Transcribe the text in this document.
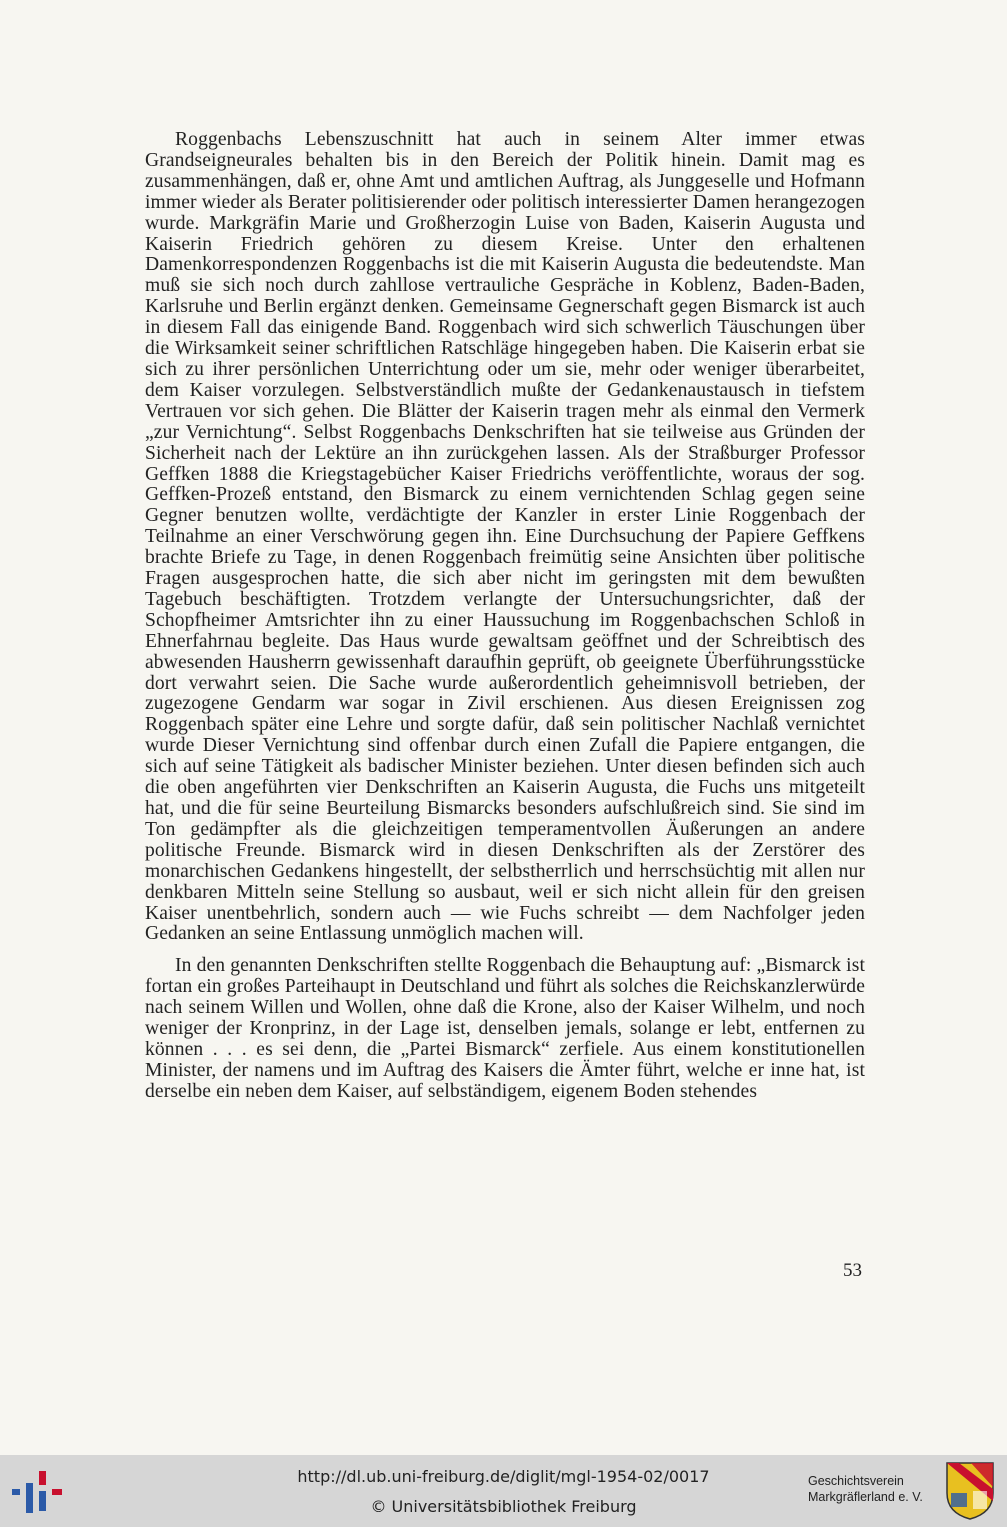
Roggenbachs Lebenszuschnitt hat auch in seinem Alter immer etwas Grandseigneurales behalten bis in den Bereich der Politik hinein. Damit mag es zusammenhängen, daß er, ohne Amt und amtlichen Auftrag, als Junggeselle und Hofmann immer wieder als Berater politisierender oder politisch interessierter Damen herangezogen wurde. Markgräfin Marie und Großherzogin Luise von Baden, Kaiserin Augusta und Kaiserin Friedrich gehören zu diesem Kreise. Unter den erhaltenen Damenkorrespondenzen Roggenbachs ist die mit Kaiserin Augusta die bedeutendste. Man muß sie sich noch durch zahllose vertrauliche Gespräche in Koblenz, Baden-Baden, Karlsruhe und Berlin ergänzt denken. Gemeinsame Gegnerschaft gegen Bismarck ist auch in diesem Fall das einigende Band. Roggenbach wird sich schwerlich Täuschungen über die Wirksamkeit seiner schriftlichen Ratschläge hingegeben haben. Die Kaiserin erbat sie sich zu ihrer persönlichen Unterrichtung oder um sie, mehr oder weniger überarbeitet, dem Kaiser vorzulegen. Selbstverständlich mußte der Gedankenaustausch in tiefstem Vertrauen vor sich gehen. Die Blätter der Kaiserin tragen mehr als einmal den Vermerk „zur Vernichtung“. Selbst Roggenbachs Denkschriften hat sie teilweise aus Gründen der Sicherheit nach der Lektüre an ihn zurückgehen lassen. Als der Straßburger Professor Geffken 1888 die Kriegstagebücher Kaiser Friedrichs veröffentlichte, woraus der sog. Geffken-Prozeß entstand, den Bismarck zu einem vernichtenden Schlag gegen seine Gegner benutzen wollte, verdächtigte der Kanzler in erster Linie Roggenbach der Teilnahme an einer Verschwörung gegen ihn. Eine Durchsuchung der Papiere Geffkens brachte Briefe zu Tage, in denen Roggenbach freimütig seine Ansichten über politische Fragen ausgesprochen hatte, die sich aber nicht im geringsten mit dem bewußten Tagebuch beschäftigten. Trotzdem verlangte der Untersuchungsrichter, daß der Schopfheimer Amtsrichter ihn zu einer Haussuchung im Roggenbachschen Schloß in Ehnerfahrnau begleite. Das Haus wurde gewaltsam geöffnet und der Schreibtisch des abwesenden Hausherrn gewissenhaft daraufhin geprüft, ob geeignete Überführungsstücke dort verwahrt seien. Die Sache wurde außerordentlich geheimnisvoll betrieben, der zugezogene Gendarm war sogar in Zivil erschienen. Aus diesen Ereignissen zog Roggenbach später eine Lehre und sorgte dafür, daß sein politischer Nachlaß vernichtet wurde Dieser Vernichtung sind offenbar durch einen Zufall die Papiere entgangen, die sich auf seine Tätigkeit als badischer Minister beziehen. Unter diesen befinden sich auch die oben angeführten vier Denkschriften an Kaiserin Augusta, die Fuchs uns mitgeteilt hat, und die für seine Beurteilung Bismarcks besonders aufschlußreich sind. Sie sind im Ton gedämpfter als die gleichzeitigen temperamentvollen Äußerungen an andere politische Freunde. Bismarck wird in diesen Denkschriften als der Zerstörer des monarchischen Gedankens hingestellt, der selbstherrlich und herrschsüchtig mit allen nur denkbaren Mitteln seine Stellung so ausbaut, weil er sich nicht allein für den greisen Kaiser unentbehrlich, sondern auch — wie Fuchs schreibt — dem Nachfolger jeden Gedanken an seine Entlassung unmöglich machen will.

In den genannten Denkschriften stellte Roggenbach die Behauptung auf: „Bismarck ist fortan ein großes Parteihaupt in Deutschland und führt als solches die Reichskanzlerwürde nach seinem Willen und Wollen, ohne daß die Krone, also der Kaiser Wilhelm, und noch weniger der Kronprinz, in der Lage ist, denselben jemals, solange er lebt, entfernen zu können . . . es sei denn, die „Partei Bismarck“ zerfiele. Aus einem konstitutionellen Minister, der namens und im Auftrag des Kaisers die Ämter führt, welche er inne hat, ist derselbe ein neben dem Kaiser, auf selbständigem, eigenem Boden stehendes

53
http://dl.ub.uni-freiburg.de/diglit/mgl-1954-02/0017
© Universitätsbibliothek Freiburg
Geschichtsverein
Markgräflerland e. V.
